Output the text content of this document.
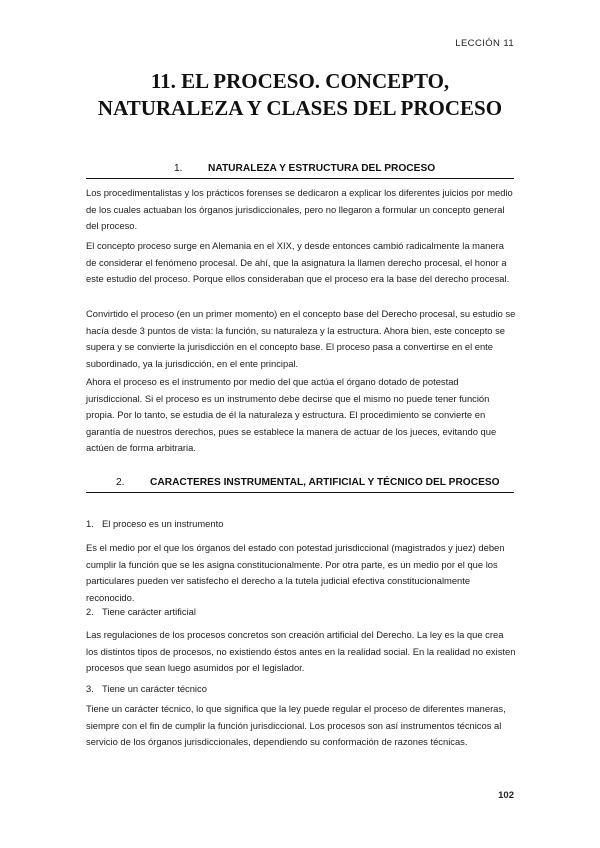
LECCIÓN 11
11. EL PROCESO. CONCEPTO,
NATURALEZA Y CLASES DEL PROCESO
1.	NATURALEZA Y ESTRUCTURA DEL PROCESO

Los procedimentalistas y los prácticos forenses se dedicaron a explicar los diferentes juicios por medio de los cuales actuaban los órganos jurisdiccionales, pero no llegaron a formular un concepto general del proceso.

El concepto proceso surge en Alemania en el XIX, y desde entonces cambió radicalmente la manera de considerar el fenómeno procesal. De ahí, que la asignatura la llamen derecho procesal, el honor a este estudio del proceso. Porque ellos consideraban que el proceso era la base del derecho procesal.

Convirtido el proceso (en un primer momento) en el concepto base del Derecho procesal, su estudio se hacía desde 3 puntos de vista: la función, su naturaleza y la estructura. Ahora bien, este concepto se supera y se convierte la jurisdicción en el concepto base. El proceso pasa a convertirse en el ente subordinado, ya la jurisdicción, en el ente principal.

Ahora el proceso es el instrumento por medio del que actúa el órgano dotado de potestad jurisdiccional. Si el proceso es un instrumento debe decirse que el mismo no puede tener función propia. Por lo tanto, se estudia de él la naturaleza y estructura. El procedimiento se convierte en garantía de nuestros derechos, pues se establece la manera de actuar de los jueces, evitando que actúen de forma arbitraria.

2.	CARACTERES INSTRUMENTAL, ARTIFICIAL Y TÉCNICO DEL PROCESO
1. El proceso es un instrumento

Es el medio por el que los órganos del estado con potestad jurisdiccional (magistrados y juez) deben cumplir la función que se les asigna constitucionalmente. Por otra parte, es un medio por el que los particulares pueden ver satisfecho el derecho a la tutela judicial efectiva constitucionalmente reconocido.

2. Tiene carácter artificial

Las regulaciones de los procesos concretos son creación artificial del Derecho. La ley es la que crea los distintos tipos de procesos, no existiendo éstos antes en la realidad social. En la realidad no existen procesos que sean luego asumidos por el legislador.

3. Tiene un carácter técnico

Tiene un carácter técnico, lo que significa que la ley puede regular el proceso de diferentes maneras, siempre con el fin de cumplir la función jurisdiccional. Los procesos son así instrumentos técnicos al servicio de los órganos jurisdiccionales, dependiendo su conformación de razones técnicas.

102
